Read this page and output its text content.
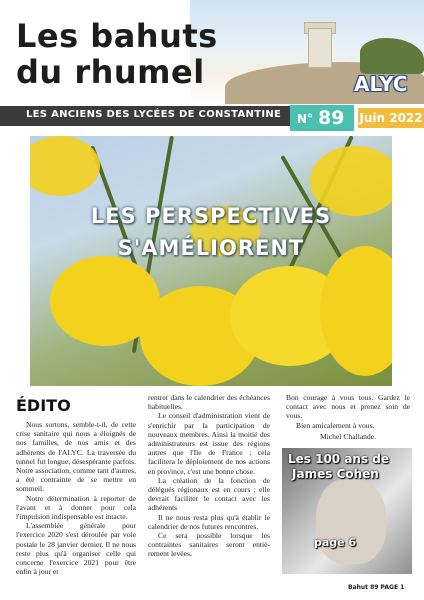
Les bahuts
du rhumel	ALYC
LES ANCIENS DES LYCÉES DE CONSTANTINE N° 89 Juin 2022
LES PERSPECTIVES
S'AMÉLIORENT
ÉDITO

Nous sortons, semble-t-il, de cette crise sanitaire qui nous a éloignés de nos familles, de nos amis et des adhérents de l'ALYC. La traversée du tunnel fut longue, désespérante parfois. Notre association, comme tant d'autres, a été contrainte de se mettre en sommeil.

Notre détermination à reporter de l'avant et à donner pour cela l'impulsion indispensable est intacte.

L'assemblée générale pour l'exercice 2020 s'est déroulée par voie postale le 28 janvier dernier. Il ne nous reste plus qu'à organiser celle qui concerne l'exercice 2021 pour être enfin à jour et

rentrer dans le calendrier des échéances habituelles.

Le conseil d'administration vient de s'enrichir par la participation de nouveaux membres. Ainsi la moitié des administrateurs est issue des régions autres que l'Ile de France ; cela facilitera le déploiement de nos actions en province, c'est une bonne chose.

La création de la fonction de délégués régionaux est en cours ; elle devrait faciliter le contact avec les adhérents

Il ne nous resta plus qu'à établir le calendrier de nos futures rencontres.

Ce sera possible lorsque les contraintes sanitaires seront entiè-rement levées.

Bon courage à vous tous. Gardez le contact avec nous et prenez soin de vous.

Bien amicalement à vous.

Michel Challande.

Les 100 ans de
James Cohen
page 6
Bahut 89 PAGE 1
